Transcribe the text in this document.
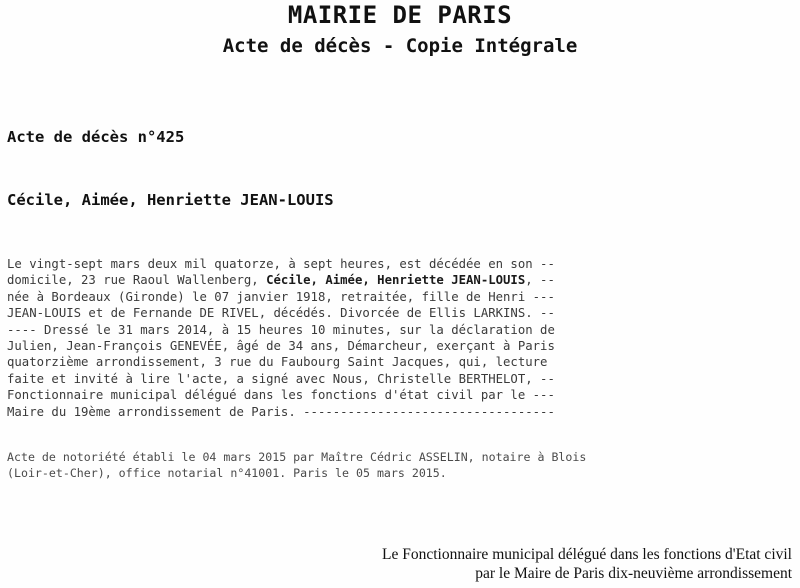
MAIRIE DE PARIS
Acte de décès - Copie Intégrale
Acte de décès n°425
Cécile, Aimée, Henriette JEAN-LOUIS
Le vingt-sept mars deux mil quatorze, à sept heures, est décédée en son --
domicile, 23 rue Raoul Wallenberg, Cécile, Aimée, Henriette JEAN-LOUIS, --
née à Bordeaux (Gironde) le 07 janvier 1918, retraitée, fille de Henri ---
JEAN-LOUIS et de Fernande DE RIVEL, décédés. Divorcée de Ellis LARKINS. --
---- Dressé le 31 mars 2014, à 15 heures 10 minutes, sur la déclaration de
Julien, Jean-François GENEVÉE, âgé de 34 ans, Démarcheur, exerçant à Paris
quatorzième arrondissement, 3 rue du Faubourg Saint Jacques, qui, lecture
faite et invité à lire l'acte, a signé avec Nous, Christelle BERTHELOT, --
Fonctionnaire municipal délégué dans les fonctions d'état civil par le ---
Maire du 19ème arrondissement de Paris. ----------------------------------
Acte de notoriété établi le 04 mars 2015 par Maître Cédric ASSELIN, notaire à Blois
(Loir-et-Cher), office notarial n°41001. Paris le 05 mars 2015.
Le Fonctionnaire municipal délégué dans les fonctions d'Etat civil
par le Maire de Paris dix-neuvième arrondissement
